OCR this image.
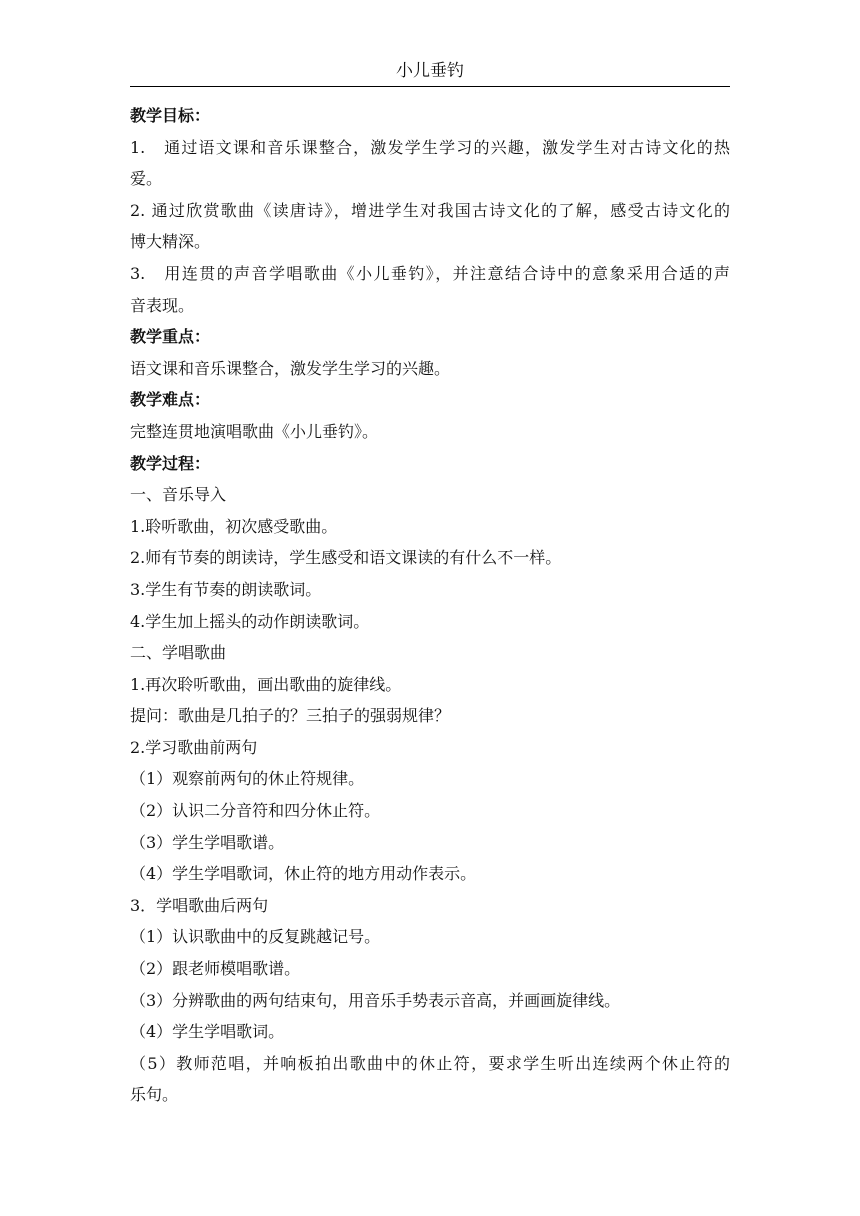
小儿垂钓
教学目标：
1. 通过语文课和音乐课整合，激发学生学习的兴趣，激发学生对古诗文化的热
爱。
2. 通过欣赏歌曲《读唐诗》，增进学生对我国古诗文化的了解，感受古诗文化的
博大精深。
3. 用连贯的声音学唱歌曲《小儿垂钓》，并注意结合诗中的意象采用合适的声
音表现。
教学重点：
语文课和音乐课整合，激发学生学习的兴趣。
教学难点：
完整连贯地演唱歌曲《小儿垂钓》。
教学过程：
一、音乐导入
1.聆听歌曲，初次感受歌曲。
2.师有节奏的朗读诗，学生感受和语文课读的有什么不一样。
3.学生有节奏的朗读歌词。
4.学生加上摇头的动作朗读歌词。
二、学唱歌曲
1.再次聆听歌曲，画出歌曲的旋律线。
提问：歌曲是几拍子的？三拍子的强弱规律？
2.学习歌曲前两句
（1）观察前两句的休止符规律。
（2）认识二分音符和四分休止符。
（3）学生学唱歌谱。
（4）学生学唱歌词，休止符的地方用动作表示。
3．学唱歌曲后两句
（1）认识歌曲中的反复跳越记号。
（2）跟老师模唱歌谱。
（3）分辨歌曲的两句结束句，用音乐手势表示音高，并画画旋律线。
（4）学生学唱歌词。
（5）教师范唱，并响板拍出歌曲中的休止符，要求学生听出连续两个休止符的
乐句。
